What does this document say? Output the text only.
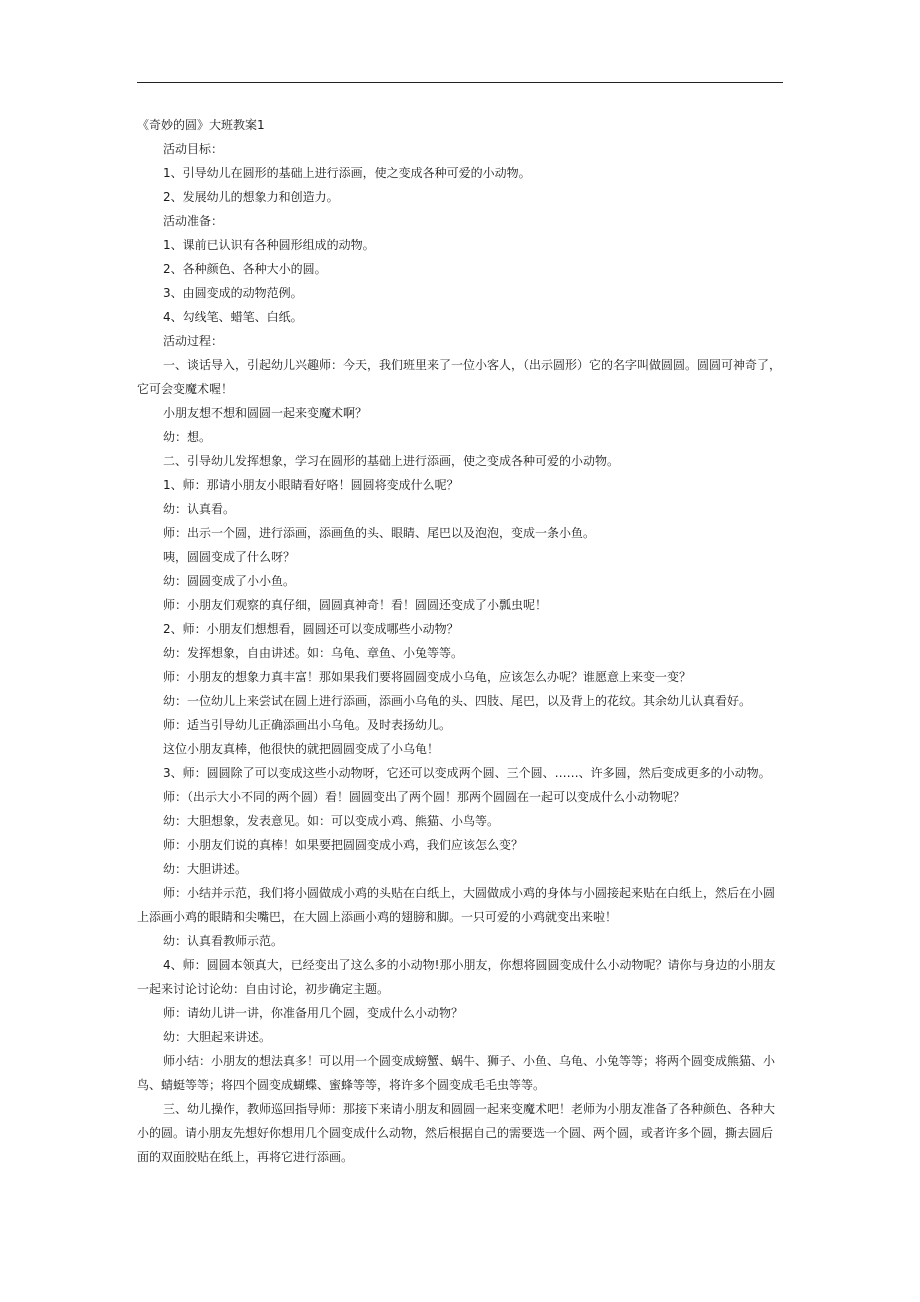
《奇妙的圆》大班教案1

活动目标：

1、引导幼儿在圆形的基础上进行添画，使之变成各种可爱的小动物。

2、发展幼儿的想象力和创造力。

活动准备：

1、课前已认识有各种圆形组成的动物。

2、各种颜色、各种大小的圆。

3、由圆变成的动物范例。

4、勾线笔、蜡笔、白纸。

活动过程：

一、谈话导入，引起幼儿兴趣师：今天，我们班里来了一位小客人，（出示圆形）它的名字叫做圆圆。圆圆可神奇了，它可会变魔术喔！

小朋友想不想和圆圆一起来变魔术啊？

幼：想。

二、引导幼儿发挥想象，学习在圆形的基础上进行添画，使之变成各种可爱的小动物。

1、师：那请小朋友小眼睛看好咯！圆圆将变成什么呢？

幼：认真看。

师：出示一个圆，进行添画，添画鱼的头、眼睛、尾巴以及泡泡，变成一条小鱼。

咦，圆圆变成了什么呀？

幼：圆圆变成了小小鱼。

师：小朋友们观察的真仔细，圆圆真神奇！看！圆圆还变成了小瓢虫呢！

2、师：小朋友们想想看，圆圆还可以变成哪些小动物？

幼：发挥想象，自由讲述。如：乌龟、章鱼、小兔等等。

师：小朋友的想象力真丰富！那如果我们要将圆圆变成小乌龟，应该怎么办呢？谁愿意上来变一变？

幼：一位幼儿上来尝试在圆上进行添画，添画小乌龟的头、四肢、尾巴，以及背上的花纹。其余幼儿认真看好。

师：适当引导幼儿正确添画出小乌龟。及时表扬幼儿。

这位小朋友真棒，他很快的就把圆圆变成了小乌龟！

3、师：圆圆除了可以变成这些小动物呀，它还可以变成两个圆、三个圆、……、许多圆，然后变成更多的小动物。

师：（出示大小不同的两个圆）看！圆圆变出了两个圆！那两个圆圆在一起可以变成什么小动物呢？

幼：大胆想象，发表意见。如：可以变成小鸡、熊猫、小鸟等。

师：小朋友们说的真棒！如果要把圆圆变成小鸡，我们应该怎么变？

幼：大胆讲述。

师：小结并示范，我们将小圆做成小鸡的头贴在白纸上，大圆做成小鸡的身体与小圆接起来贴在白纸上，然后在小圆上添画小鸡的眼睛和尖嘴巴，在大圆上添画小鸡的翅膀和脚。一只可爱的小鸡就变出来啦！

幼：认真看教师示范。

4、师：圆圆本领真大，已经变出了这么多的小动物!那小朋友，你想将圆圆变成什么小动物呢？请你与身边的小朋友一起来讨论讨论幼：自由讨论，初步确定主题。

师：请幼儿讲一讲，你准备用几个圆，变成什么小动物？

幼：大胆起来讲述。

师小结：小朋友的想法真多！可以用一个圆变成螃蟹、蜗牛、狮子、小鱼、乌龟、小兔等等；将两个圆变成熊猫、小鸟、蜻蜓等等；将四个圆变成蝴蝶、蜜蜂等等，将许多个圆变成毛毛虫等等。

三、幼儿操作，教师巡回指导师：那接下来请小朋友和圆圆一起来变魔术吧！老师为小朋友准备了各种颜色、各种大小的圆。请小朋友先想好你想用几个圆变成什么动物，然后根据自己的需要选一个圆、两个圆，或者许多个圆，撕去圆后面的双面胶贴在纸上，再将它进行添画。
